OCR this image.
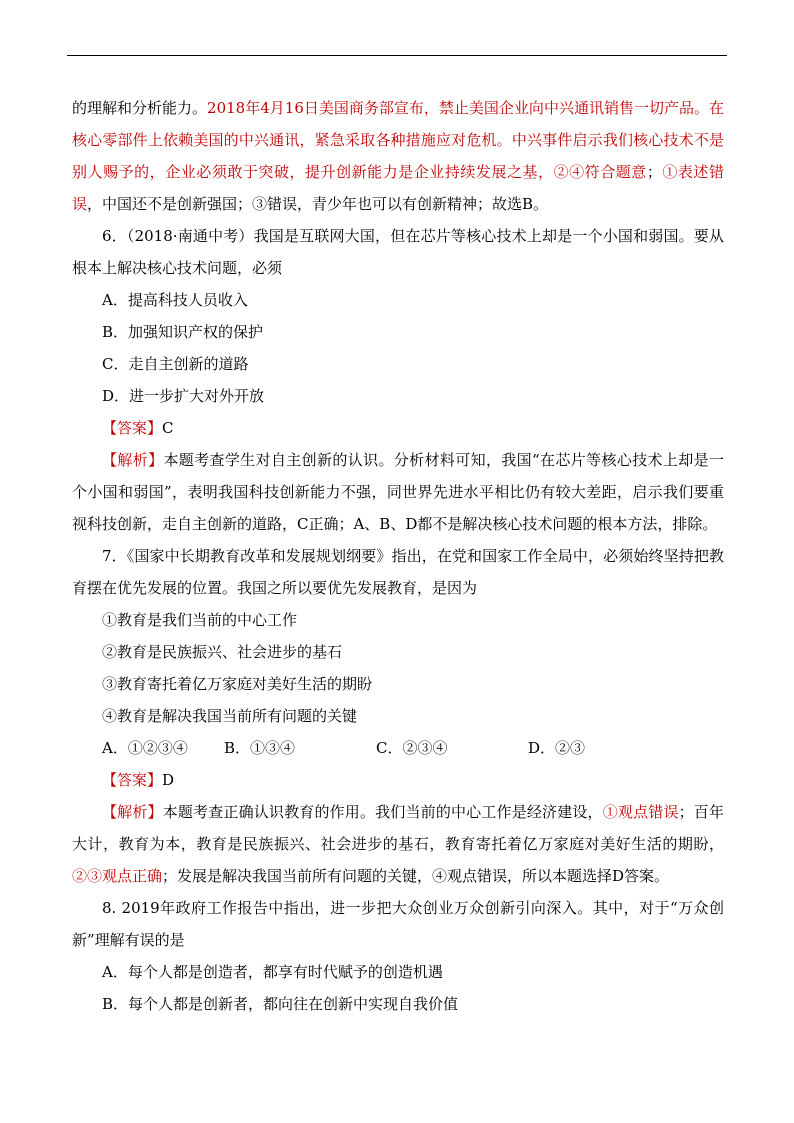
的理解和分析能力。2018年4月16日美国商务部宣布，禁止美国企业向中兴通讯销售一切产品。在核心零部件上依赖美国的中兴通讯，紧急采取各种措施应对危机。中兴事件启示我们核心技术不是别人赐予的，企业必须敢于突破，提升创新能力是企业持续发展之基，②④符合题意；①表述错误，中国还不是创新强国；③错误，青少年也可以有创新精神；故选B。

6．（2018·南通中考）我国是互联网大国，但在芯片等核心技术上却是一个小国和弱国。要从根本上解决核心技术问题，必须

A．提高科技人员收入

B．加强知识产权的保护

C．走自主创新的道路

D．进一步扩大对外开放

【答案】C

【解析】本题考查学生对自主创新的认识。分析材料可知，我国“在芯片等核心技术上却是一个小国和弱国”，表明我国科技创新能力不强，同世界先进水平相比仍有较大差距，启示我们要重视科技创新，走自主创新的道路，C正确；A、B、D都不是解决核心技术问题的根本方法，排除。

7．《国家中长期教育改革和发展规划纲要》指出，在党和国家工作全局中，必须始终坚持把教育摆在优先发展的位置。我国之所以要优先发展教育，是因为

①教育是我们当前的中心工作

②教育是民族振兴、社会进步的基石

③教育寄托着亿万家庭对美好生活的期盼

④教育是解决我国当前所有问题的关键

A．①②③④	B．①③④	C．②③④	D．②③

【答案】D

【解析】本题考查正确认识教育的作用。我们当前的中心工作是经济建设，①观点错误；百年大计，教育为本，教育是民族振兴、社会进步的基石，教育寄托着亿万家庭对美好生活的期盼，②③观点正确；发展是解决我国当前所有问题的关键，④观点错误，所以本题选择D答案。

8. 2019年政府工作报告中指出，进一步把大众创业万众创新引向深入。其中，对于“万众创新”理解有误的是

A．每个人都是创造者，都享有时代赋予的创造机遇

B．每个人都是创新者，都向往在创新中实现自我价值
